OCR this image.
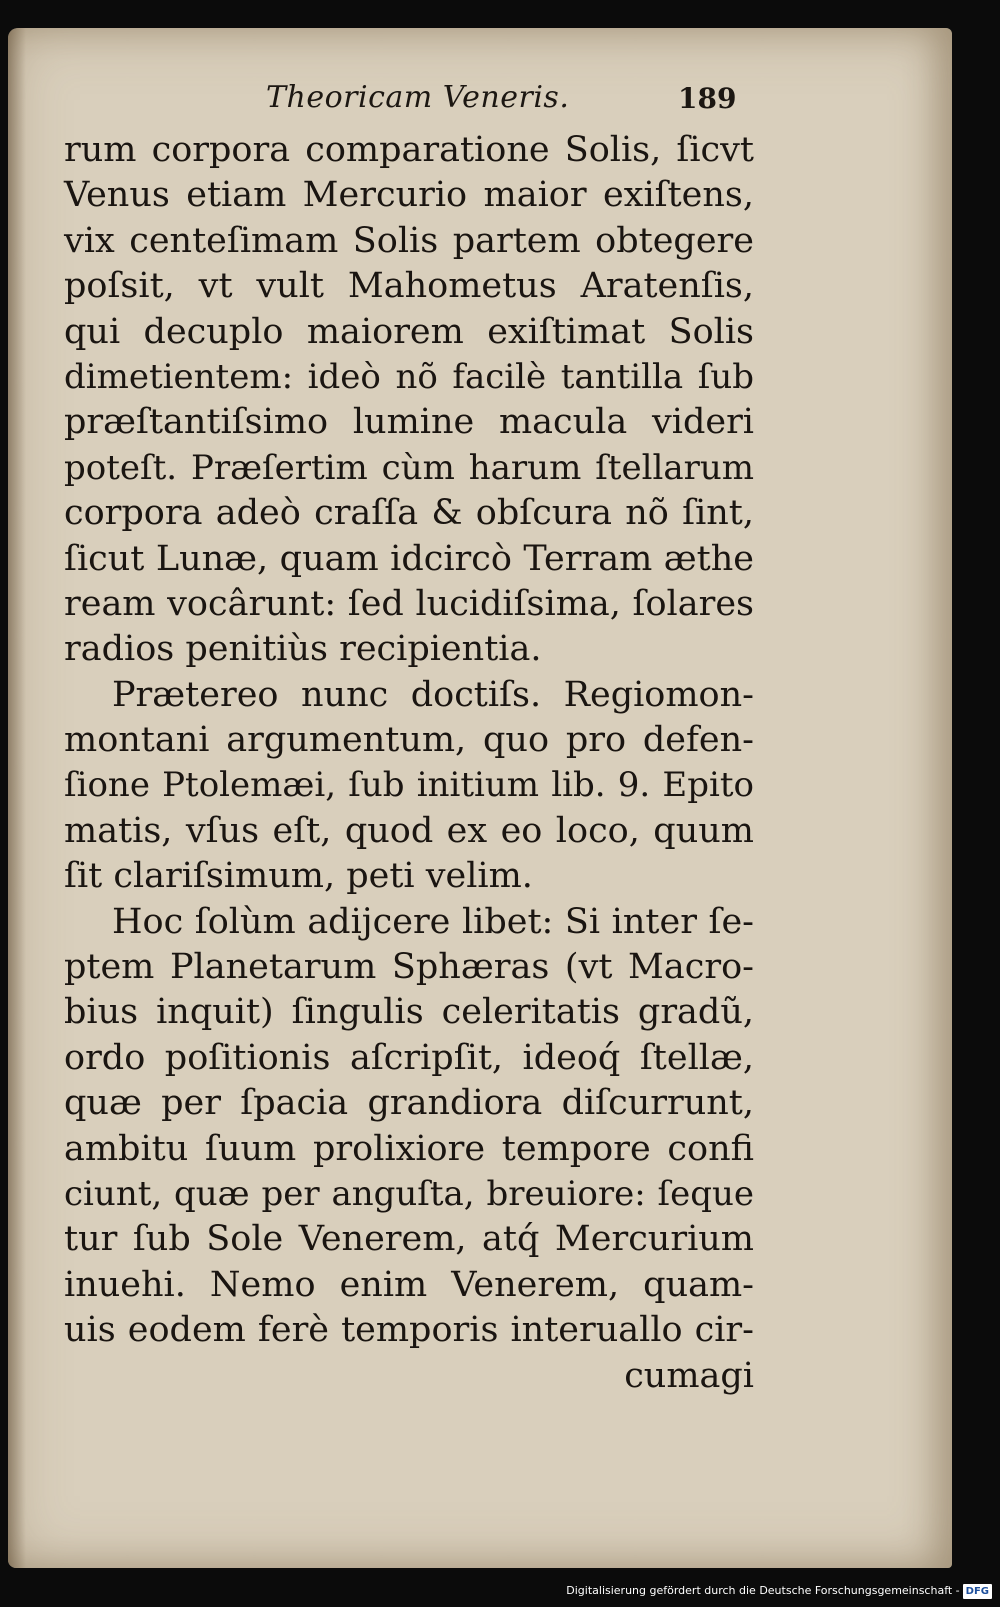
Theoricam Veneris.	189
rum corpora comparatione Solis, ſicvt
Venus etiam Mercurio maior exiſtens,
vix centeſimam Solis partem obtegere
poſsit, vt vult Mahometus Aratenſis,
qui decuplo maiorem exiſtimat Solis
dimetientem: ideò nõ facilè tantilla ſub
præſtantiſsimo lumine macula videri
poteſt. Præſertim cùm harum ſtellarum
corpora adeò craſſa & obſcura nõ ſint,
ſicut Lunæ, quam idcircò Terram æthe
ream vocârunt: ſed lucidiſsima, ſolares
radios penitiùs recipientia.
Prætereo nunc doctiſs. Regiomon-
montani argumentum, quo pro defen-
ſione Ptolemæi, ſub initium lib. 9. Epito
matis, vſus eſt, quod ex eo loco, quum
ſit clariſsimum, peti velim.
Hoc ſolùm adijcere libet: Si inter ſe-
ptem Planetarum Sphæras (vt Macro-
bius inquit) ſingulis celeritatis gradũ,
ordo poſitionis aſcripſit, ideoq́ ſtellæ,
quæ per ſpacia grandiora diſcurrunt,
ambitu ſuum prolixiore tempore confi
ciunt, quæ per anguſta, breuiore: ſeque
tur ſub Sole Venerem, atq́ Mercurium
inuehi. Nemo enim Venerem, quam-
uis eodem ferè temporis interuallo cir-
cumagi
Digitalisierung gefördert durch die Deutsche Forschungsgemeinschaft - DFG
